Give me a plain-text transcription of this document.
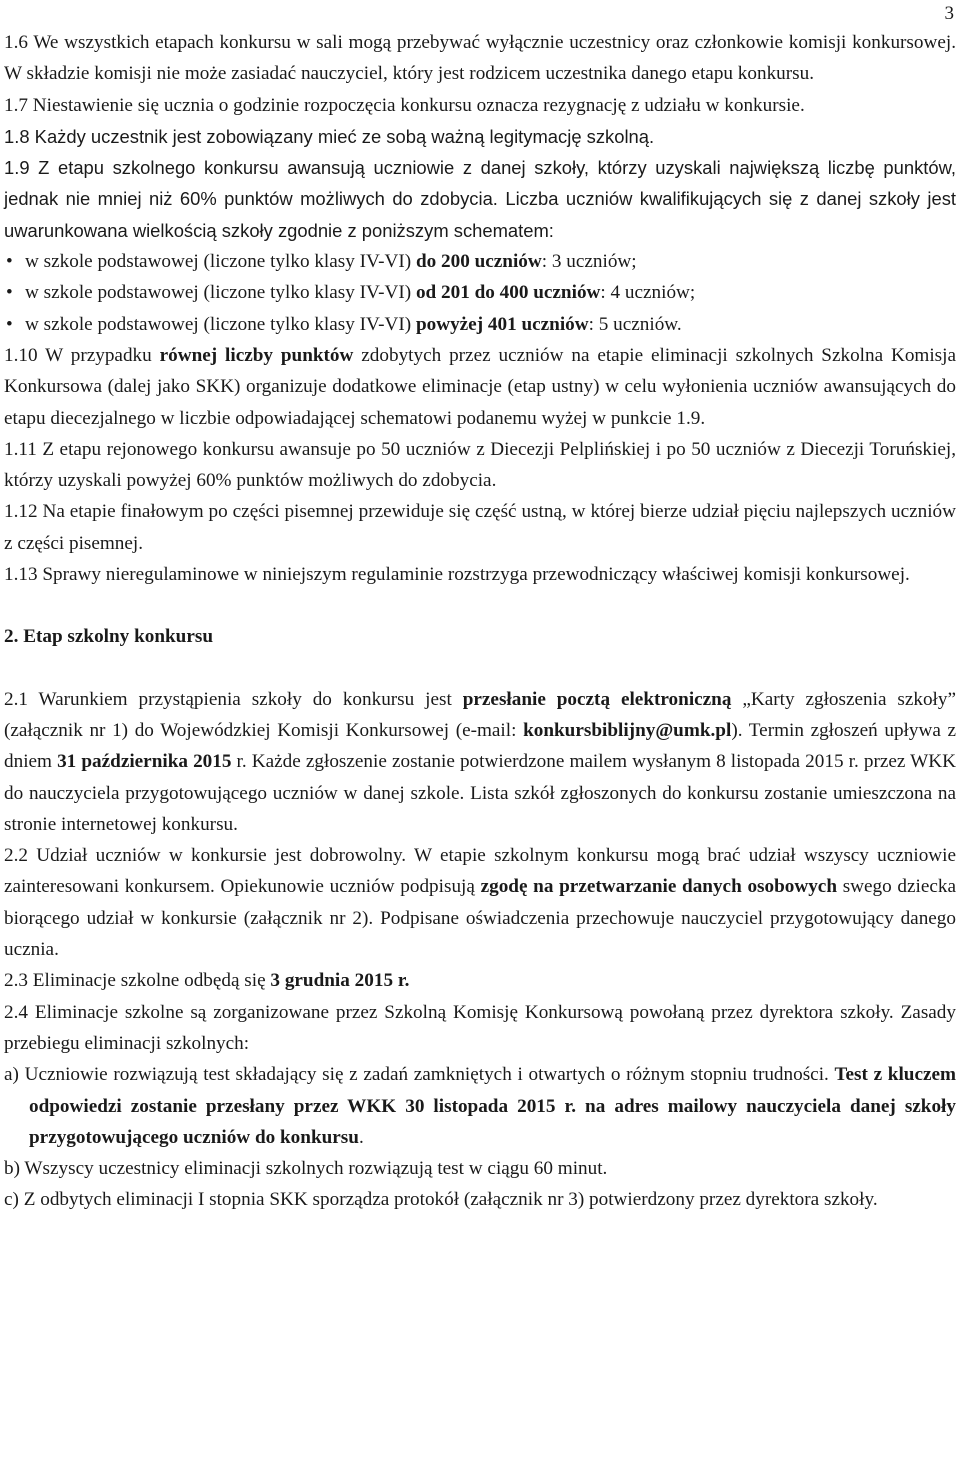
3

1.6 We wszystkich etapach konkursu w sali mogą przebywać wyłącznie uczestnicy oraz członkowie komisji konkursowej. W składzie komisji nie może zasiadać nauczyciel, który jest rodzicem uczestnika danego etapu konkursu.

1.7 Niestawienie się ucznia o godzinie rozpoczęcia konkursu oznacza rezygnację z udziału w konkursie.

1.8 Każdy uczestnik jest zobowiązany mieć ze sobą ważną legitymację szkolną.

1.9 Z etapu szkolnego konkursu awansują uczniowie z danej szkoły, którzy uzyskali największą liczbę punktów, jednak nie mniej niż 60% punktów możliwych do zdobycia. Liczba uczniów kwalifikujących się z danej szkoły jest uwarunkowana wielkością szkoły zgodnie z poniższym schematem:

• w szkole podstawowej (liczone tylko klasy IV-VI) do 200 uczniów: 3 uczniów;
• w szkole podstawowej (liczone tylko klasy IV-VI) od 201 do 400 uczniów: 4 uczniów;
• w szkole podstawowej (liczone tylko klasy IV-VI) powyżej 401 uczniów: 5 uczniów.

1.10 W przypadku równej liczby punktów zdobytych przez uczniów na etapie eliminacji szkolnych Szkolna Komisja Konkursowa (dalej jako SKK) organizuje dodatkowe eliminacje (etap ustny) w celu wyłonienia uczniów awansujących do etapu diecezjalnego w liczbie odpowiadającej schematowi podanemu wyżej w punkcie 1.9.

1.11 Z etapu rejonowego konkursu awansuje po 50 uczniów z Diecezji Pelplińskiej i po 50 uczniów z Diecezji Toruńskiej, którzy uzyskali powyżej 60% punktów możliwych do zdobycia.

1.12 Na etapie finałowym po części pisemnej przewiduje się część ustną, w której bierze udział pięciu najlepszych uczniów z części pisemnej.

1.13 Sprawy nieregulaminowe w niniejszym regulaminie rozstrzyga przewodniczący właściwej komisji konkursowej.

2. Etap szkolny konkursu

2.1 Warunkiem przystąpienia szkoły do konkursu jest przesłanie pocztą elektroniczną „Karty zgłoszenia szkoły” (załącznik nr 1) do Wojewódzkiej Komisji Konkursowej (e-mail: konkursbiblijny@umk.pl). Termin zgłoszeń upływa z dniem 31 października 2015 r. Każde zgłoszenie zostanie potwierdzone mailem wysłanym 8 listopada 2015 r. przez WKK do nauczyciela przygotowującego uczniów w danej szkole. Lista szkół zgłoszonych do konkursu zostanie umieszczona na stronie internetowej konkursu.

2.2 Udział uczniów w konkursie jest dobrowolny. W etapie szkolnym konkursu mogą brać udział wszyscy uczniowie zainteresowani konkursem. Opiekunowie uczniów podpisują zgodę na przetwarzanie danych osobowych swego dziecka biorącego udział w konkursie (załącznik nr 2). Podpisane oświadczenia przechowuje nauczyciel przygotowujący danego ucznia.

2.3 Eliminacje szkolne odbędą się 3 grudnia 2015 r.

2.4 Eliminacje szkolne są zorganizowane przez Szkolną Komisję Konkursową powołaną przez dyrektora szkoły. Zasady przebiegu eliminacji szkolnych:

a) Uczniowie rozwiązują test składający się z zadań zamkniętych i otwartych o różnym stopniu trudności. Test z kluczem odpowiedzi zostanie przesłany przez WKK 30 listopada 2015 r. na adres mailowy nauczyciela danej szkoły przygotowującego uczniów do konkursu.

b) Wszyscy uczestnicy eliminacji szkolnych rozwiązują test w ciągu 60 minut.

c) Z odbytych eliminacji I stopnia SKK sporządza protokół (załącznik nr 3) potwierdzony przez dyrektora szkoły.
